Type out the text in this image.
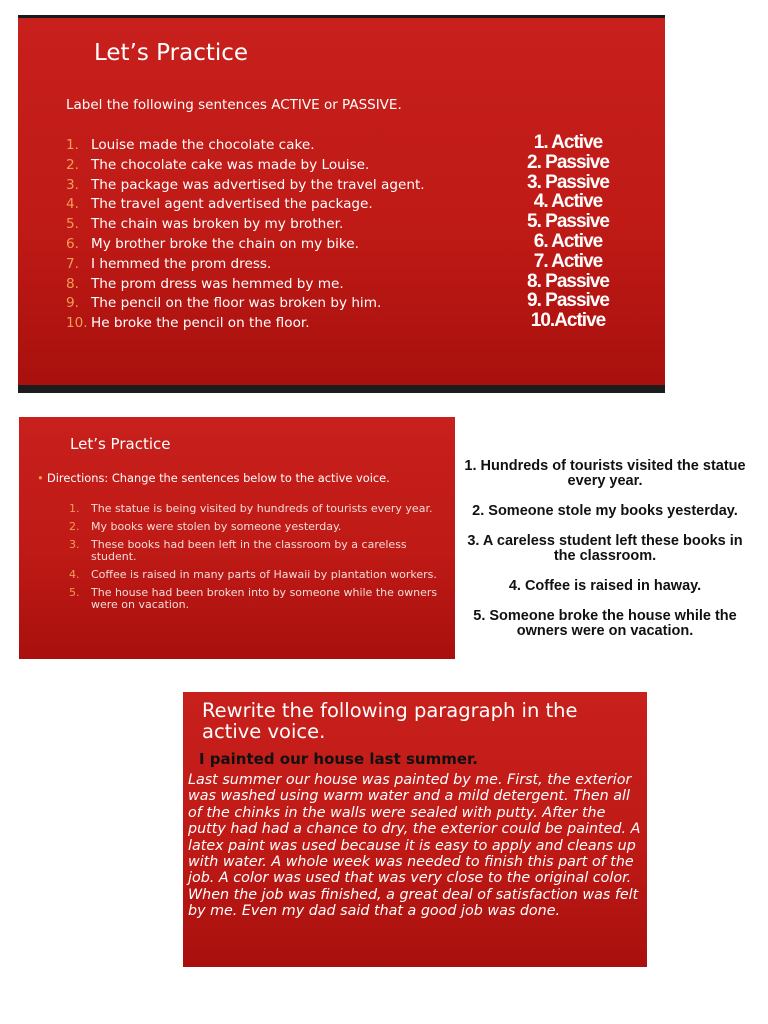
Let’s Practice
Label the following sentences ACTIVE or PASSIVE.
1. Louise made the chocolate cake.
2. The chocolate cake was made by Louise.
3. The package was advertised by the travel agent.
4. The travel agent advertised the package.
5. The chain was broken by my brother.
6. My brother broke the chain on my bike.
7. I hemmed the prom dress.
8. The prom dress was hemmed by me.
9. The pencil on the floor was broken by him.
10. He broke the pencil on the floor.
1. Active
2. Passive
3. Passive
4. Active
5. Passive
6. Active
7. Active
8. Passive
9. Passive
10.Active
Let’s Practice
• Directions: Change the sentences below to the active voice.
1. The statue is being visited by hundreds of tourists every year.
2. My books were stolen by someone yesterday.
3. These books had been left in the classroom by a careless student.
4. Coffee is raised in many parts of Hawaii by plantation workers.
5. The house had been broken into by someone while the owners were on vacation.
1. Hundreds of tourists visited the statue every year.
2. Someone stole my books yesterday.
3. A careless student left these books in the classroom.
4. Coffee is raised in haway.
5. Someone broke the house while the owners were on vacation.
Rewrite the following paragraph in the active voice.
I painted our house last summer.
Last summer our house was painted by me. First, the exterior was washed using warm water and a mild detergent. Then all of the chinks in the walls were sealed with putty. After the putty had had a chance to dry, the exterior could be painted. A latex paint was used because it is easy to apply and cleans up with water. A whole week was needed to finish this part of the job. A color was used that was very close to the original color. When the job was finished, a great deal of satisfaction was felt by me. Even my dad said that a good job was done.
